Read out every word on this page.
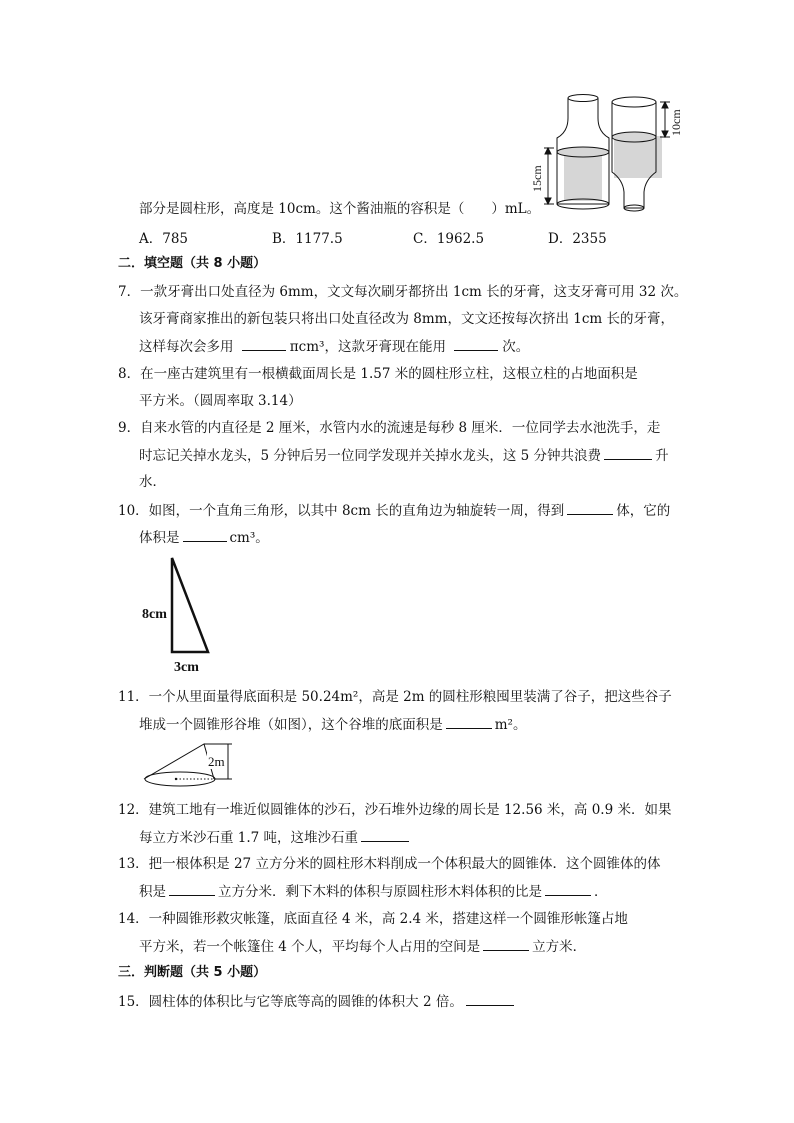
15cm
10cm
部分是圆柱形，高度是 10cm。这个酱油瓶的容积是（　　）mL。
A．785	B．1177.5	C．1962.5	D．2355
二．填空题（共 8 小题）
7．一款牙膏出口处直径为 6mm，文文每次刷牙都挤出 1cm 长的牙膏，这支牙膏可用 32 次。
该牙膏商家推出的新包装只将出口处直径改为 8mm，文文还按每次挤出 1cm 长的牙膏，
这样每次会多用	πcm³，这款牙膏现在能用	次。
8．在一座古建筑里有一根横截面周长是 1.57 米的圆柱形立柱，这根立柱的占地面积是
平方米。（圆周率取 3.14）
9．自来水管的内直径是 2 厘米，水管内水的流速是每秒 8 厘米．一位同学去水池洗手，走
时忘记关掉水龙头，5 分钟后另一位同学发现并关掉水龙头，这 5 分钟共浪费	升
水．
10．如图，一个直角三角形，以其中 8cm 长的直角边为轴旋转一周，得到	体，它的
体积是	cm³。
8cm
3cm
11．一个从里面量得底面积是 50.24m²，高是 2m 的圆柱形粮囤里装满了谷子，把这些谷子
堆成一个圆锥形谷堆（如图），这个谷堆的底面积是	m²。
2m
12．建筑工地有一堆近似圆锥体的沙石，沙石堆外边缘的周长是 12.56 米，高 0.9 米．如果
每立方米沙石重 1.7 吨，这堆沙石重
13．把一根体积是 27 立方分米的圆柱形木料削成一个体积最大的圆锥体．这个圆锥体的体
积是	立方分米．剩下木料的体积与原圆柱形木料体积的比是	．
14．一种圆锥形救灾帐篷，底面直径 4 米，高 2.4 米，搭建这样一个圆锥形帐篷占地
平方米，若一个帐篷住 4 个人，平均每个人占用的空间是	立方米．
三．判断题（共 5 小题）
15．圆柱体的体积比与它等底等高的圆锥的体积大 2 倍。
